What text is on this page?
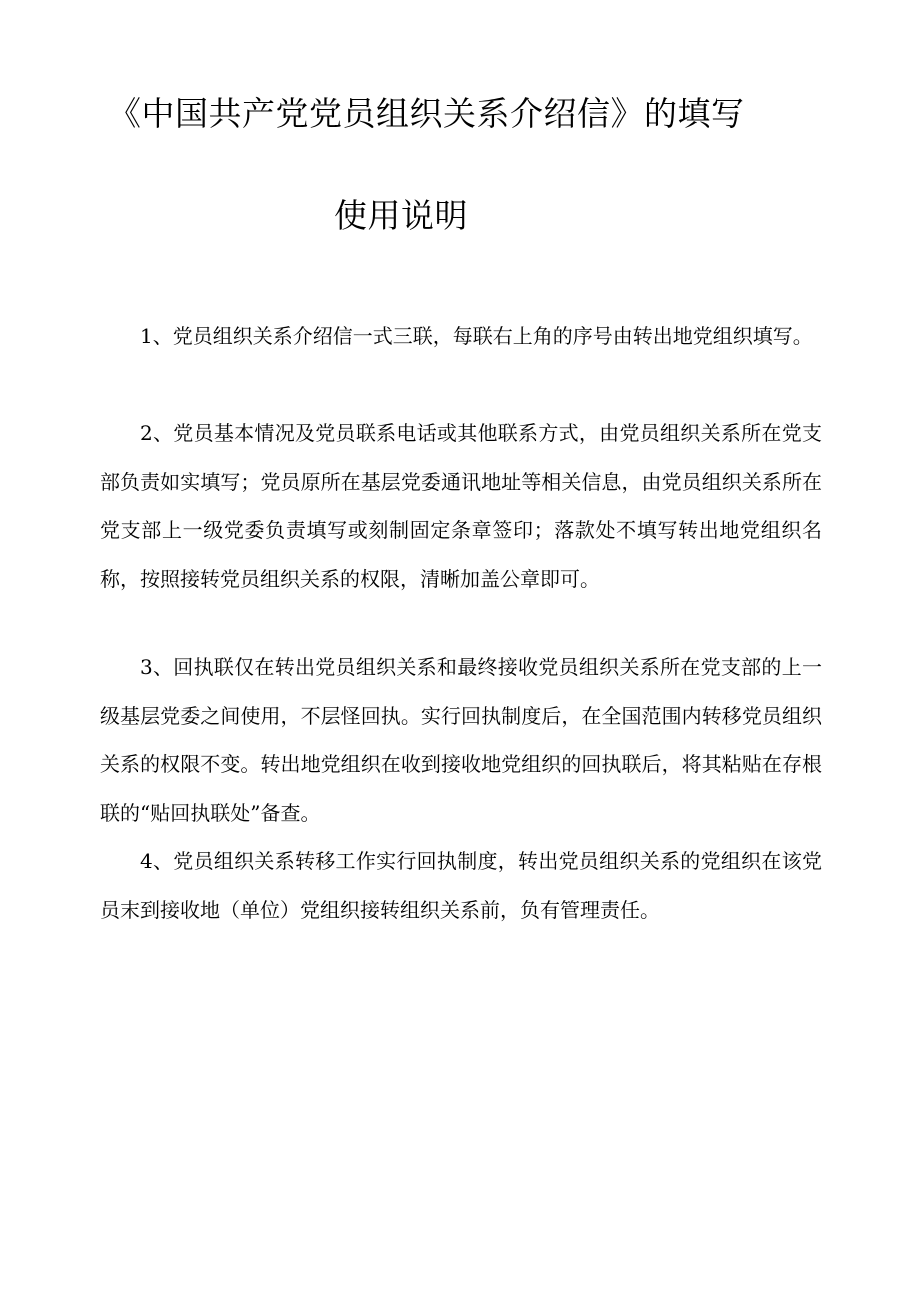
《中国共产党党员组织关系介绍信》的填写
使用说明

1、党员组织关系介绍信一式三联，每联右上角的序号由转出地党组织填写。

2、党员基本情况及党员联系电话或其他联系方式，由党员组织关系所在党支部负责如实填写；党员原所在基层党委通讯地址等相关信息，由党员组织关系所在党支部上一级党委负责填写或刻制固定条章签印；落款处不填写转出地党组织名称，按照接转党员组织关系的权限，清晰加盖公章即可。

3、回执联仅在转出党员组织关系和最终接收党员组织关系所在党支部的上一级基层党委之间使用，不层怪回执。实行回执制度后，在全国范围内转移党员组织关系的权限不变。转出地党组织在收到接收地党组织的回执联后，将其粘贴在存根联的“贴回执联处”备查。

4、党员组织关系转移工作实行回执制度，转出党员组织关系的党组织在该党员末到接收地（单位）党组织接转组织关系前，负有管理责任。
